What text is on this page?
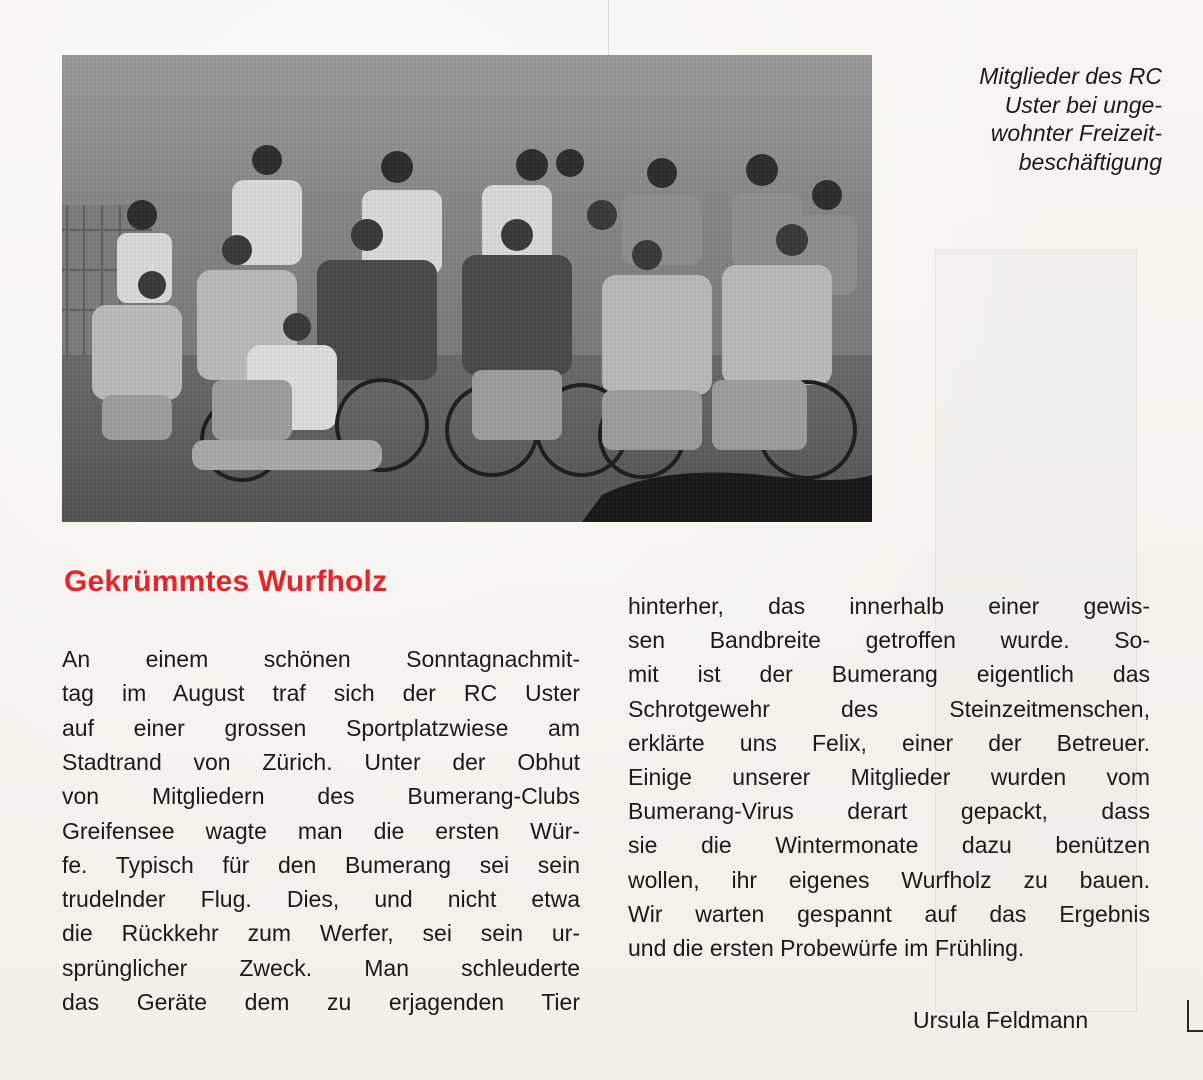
Mitglieder des RC
Uster bei unge-
wohnter Freizeit-
beschäftigung
Gekrümmtes Wurfholz
An einem schönen Sonntagnachmit-
tag im August traf sich der RC Uster
auf einer grossen Sportplatzwiese am
Stadtrand von Zürich. Unter der Obhut
von Mitgliedern des Bumerang-Clubs
Greifensee wagte man die ersten Wür-
fe. Typisch für den Bumerang sei sein
trudelnder Flug. Dies, und nicht etwa
die Rückkehr zum Werfer, sei sein ur-
sprünglicher Zweck. Man schleuderte
das Geräte dem zu erjagenden Tier
hinterher, das innerhalb einer gewis-
sen Bandbreite getroffen wurde. So-
mit ist der Bumerang eigentlich das
Schrotgewehr des Steinzeitmenschen,
erklärte uns Felix, einer der Betreuer.
Einige unserer Mitglieder wurden vom
Bumerang-Virus derart gepackt, dass
sie die Wintermonate dazu benützen
wollen, ihr eigenes Wurfholz zu bauen.
Wir warten gespannt auf das Ergebnis
und die ersten Probewürfe im Frühling.
Ursula Feldmann
